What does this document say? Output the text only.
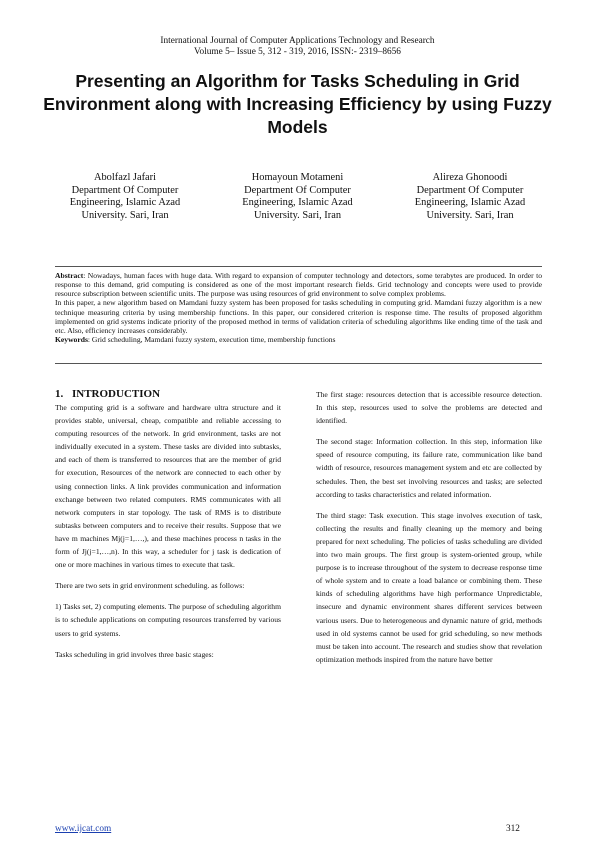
International Journal of Computer Applications Technology and Research
Volume 5– Issue 5, 312 - 319, 2016, ISSN:- 2319–8656
Presenting an Algorithm for Tasks Scheduling in Grid Environment along with Increasing Efficiency by using Fuzzy Models
Abolfazl Jafari
Department Of Computer
Engineering, Islamic Azad
University. Sari, Iran
Homayoun Motameni
Department Of Computer
Engineering, Islamic Azad
University. Sari, Iran
Alireza Ghonoodi
Department Of Computer
Engineering, Islamic Azad
University. Sari, Iran

Abstract: Nowadays, human faces with huge data. With regard to expansion of computer technology and detectors, some terabytes are produced. In order to response to this demand, grid computing is considered as one of the most important research fields. Grid technology and concepts were used to provide resource subscription between scientific units. The purpose was using resources of grid environment to solve complex problems.

In this paper, a new algorithm based on Mamdani fuzzy system has been proposed for tasks scheduling in computing grid. Mamdani fuzzy algorithm is a new technique measuring criteria by using membership functions. In this paper, our considered criterion is response time. The results of proposed algorithm implemented on grid systems indicate priority of the proposed method in terms of validation criteria of scheduling algorithms like ending time of the task and etc. Also, efficiency increases considerably.

Keywords: Grid scheduling, Mamdani fuzzy system, execution time, membership functions

1. INTRODUCTION

The computing grid is a software and hardware ultra structure and it provides stable, universal, cheap, compatible and reliable accessing to computing resources of the network. In grid environment, tasks are not individually executed in a system. These tasks are divided into subtasks, and each of them is transferred to resources that are the member of grid for execution, Resources of the network are connected to each other by using connection links. A link provides communication and information exchange between two related computers. RMS communicates with all network computers in star topology. The task of RMS is to distribute subtasks between computers and to receive their results. Suppose that we have m machines Mj(j=1,…,), and these machines process n tasks in the form of Jj(j=1,…,n). In this way, a scheduler for j task is dedication of one or more machines in various times to execute that task.

There are two sets in grid environment scheduling. as follows:

1) Tasks set, 2) computing elements. The purpose of scheduling algorithm is to schedule applications on computing resources transferred by various users to grid systems.

Tasks scheduling in grid involves three basic stages:

The first stage: resources detection that is accessible resource detection. In this step, resources used to solve the problems are detected and identified.

The second stage: Information collection. In this step, information like speed of resource computing, its failure rate, communication like band width of resource, resources management system and etc are collected by schedules. Then, the best set involving resources and tasks; are selected according to tasks characteristics and related information.

The third stage: Task execution. This stage involves execution of task, collecting the results and finally cleaning up the memory and being prepared for next scheduling. The policies of tasks scheduling are divided into two main groups. The first group is system-oriented group, while purpose is to increase throughout of the system to decrease response time of whole system and to create a load balance or combining them. These kinds of scheduling algorithms have high performance Unpredictable, insecure and dynamic environment shares different services between various users. Due to heterogeneous and dynamic nature of grid, methods used in old systems cannot be used for grid scheduling, so new methods must be taken into account. The research and studies show that revelation optimization methods inspired from the nature have better

www.ijcat.com	312
